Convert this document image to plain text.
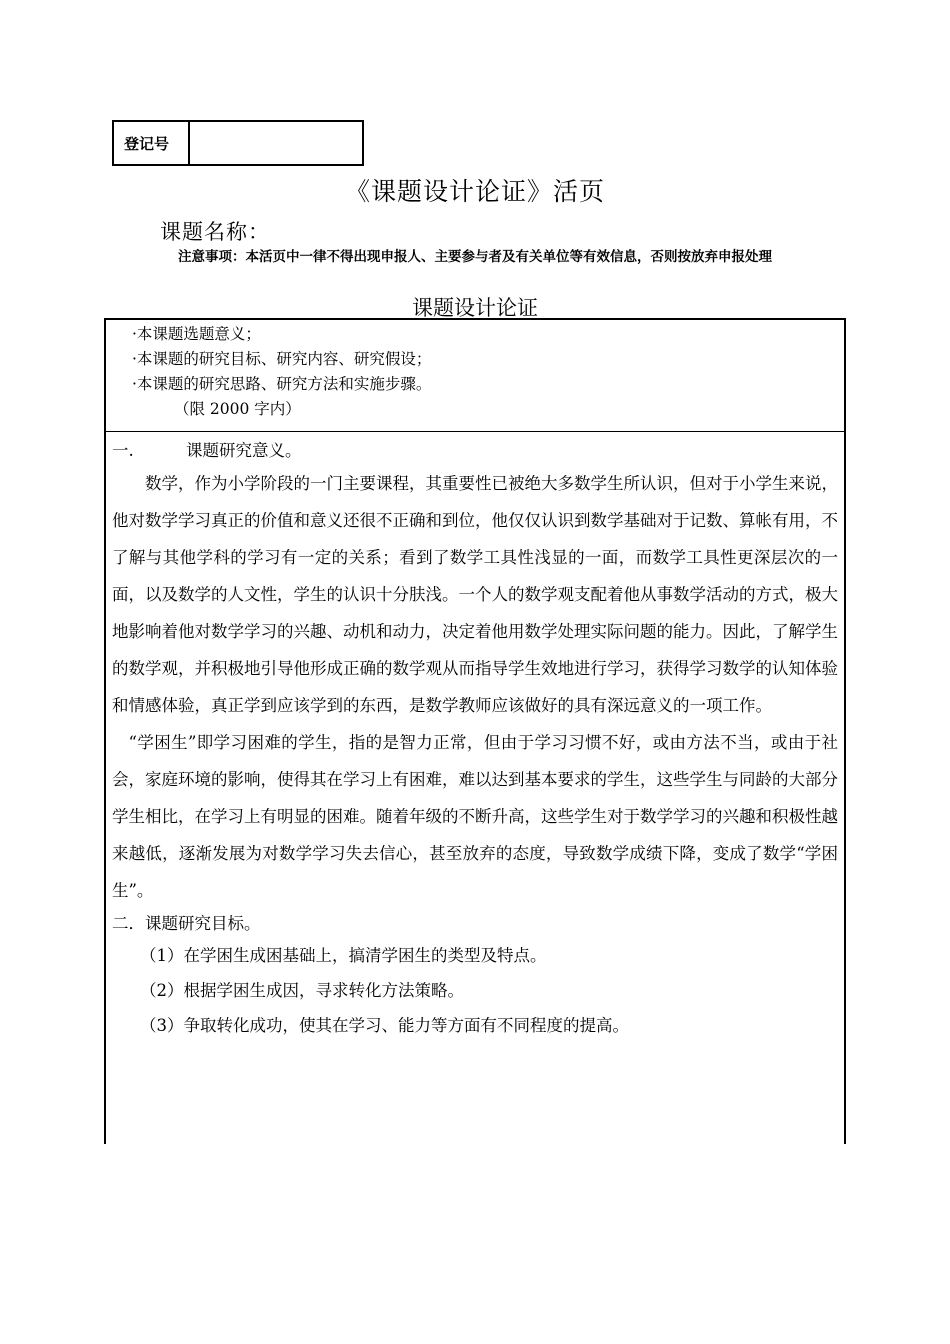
登记号
《课题设计论证》活页
课题名称：
注意事项：本活页中一律不得出现申报人、主要参与者及有关单位等有效信息，否则按放弃申报处理
课题设计论证
·本课题选题意义；
·本课题的研究目标、研究内容、研究假设；
·本课题的研究思路、研究方法和实施步骤。
（限 2000 字内）
一.	课题研究意义。
数学，作为小学阶段的一门主要课程，其重要性已被绝大多数学生所认识，但对于小学生来说，他对数学学习真正的价值和意义还很不正确和到位，他仅仅认识到数学基础对于记数、算帐有用，不了解与其他学科的学习有一定的关系；看到了数学工具性浅显的一面，而数学工具性更深层次的一面，以及数学的人文性，学生的认识十分肤浅。一个人的数学观支配着他从事数学活动的方式，极大地影响着他对数学学习的兴趣、动机和动力，决定着他用数学处理实际问题的能力。因此，了解学生的数学观，并积极地引导他形成正确的数学观从而指导学生效地进行学习，获得学习数学的认知体验和情感体验，真正学到应该学到的东西，是数学教师应该做好的具有深远意义的一项工作。
“学困生”即学习困难的学生，指的是智力正常，但由于学习习惯不好，或由方法不当，或由于社会，家庭环境的影响，使得其在学习上有困难，难以达到基本要求的学生，这些学生与同龄的大部分学生相比，在学习上有明显的困难。随着年级的不断升高，这些学生对于数学学习的兴趣和积极性越来越低，逐渐发展为对数学学习失去信心，甚至放弃的态度，导致数学成绩下降，变成了数学“学困生”。
二．课题研究目标。
（1）在学困生成困基础上，搞清学困生的类型及特点。
（2）根据学困生成因，寻求转化方法策略。
（3）争取转化成功，使其在学习、能力等方面有不同程度的提高。
